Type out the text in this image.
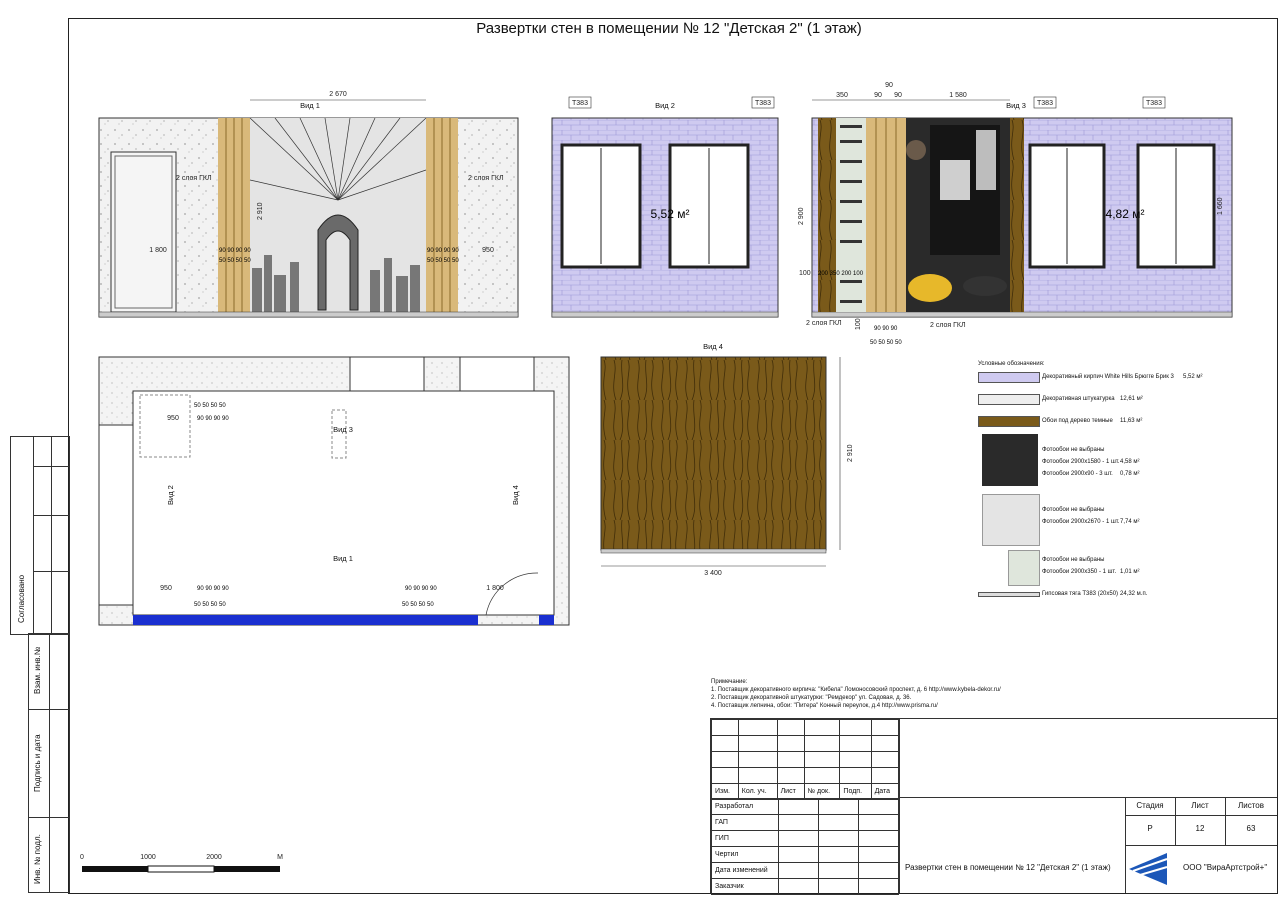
Развертки стен в помещении № 12 "Детская 2" (1 этаж)
2 670
Вид 1
2 910
1 800	950
2 слоя ГКЛ	2 слоя ГКЛ
90 90 90 90
50 50 50 50
90 90 90 90
50 50 50 50
Вид 2
Т383	Т383
5,52 м²
Вид 3 Т383	Т383
4,82 м²
350
90
90 90	1 580
2 900
100 200 350 200 100
2 слоя ГКЛ	2 слоя ГКЛ
90 90 90
50 50 50 50
100
1 660
Вид 4
3 400
2 910
Вид 3
Вид 2	Вид 4
Вид 1
950
950	1 800
90 90 90 90
50 50 50 50
90 90 90 90
50 50 50 50
90 90 90 90
50 50 50 50
0	1000	2000	М
Условные обозначения:
Декоративный кирпич White Hills Брюгге Брик 3 5,52 м²
Декоративная штукатурка 12,61 м²
Обои под дерево темные 11,63 м²
Фотообои не выбраны
Фотообои 2900х1580 - 1 шт. 4,58 м²
Фотообои 2900х90 - 3 шт. 0,78 м²
Фотообои не выбраны
Фотообои 2900х2670 - 1 шт. 7,74 м²
Фотообои не выбраны
Фотообои 2900х350 - 1 шт. 1,01 м²
Гипсовая тяга Т383 (20х50) 24,32 м.п.
Примечание:
1. Поставщик декоративного кирпича: "Кибела" Ломоносовский проспект, д. 6 http://www.kybela-dekor.ru/
2. Поставщик декоративной штукатурки: "Ремдекор" ул. Садовая, д. 36.
4. Поставщик лепнина, обои: "Питера" Конный переулок, д.4 http://www.prisma.ru/
Согласовано
Взам. инв.№
Подпись и дата
Инв. № подл.

Изм.	Кол. уч.	Лист	№ док.	Подп.	Дата
Разработал			
ГАП			
ГИП			
Чертил			
Дата изменений			
Заказчик			
Стадия	Лист	Листов
Р	12	63
Развертки стен в помещении № 12 "Детская 2" (1 этаж)	ООО "ВираАртстрой+"
